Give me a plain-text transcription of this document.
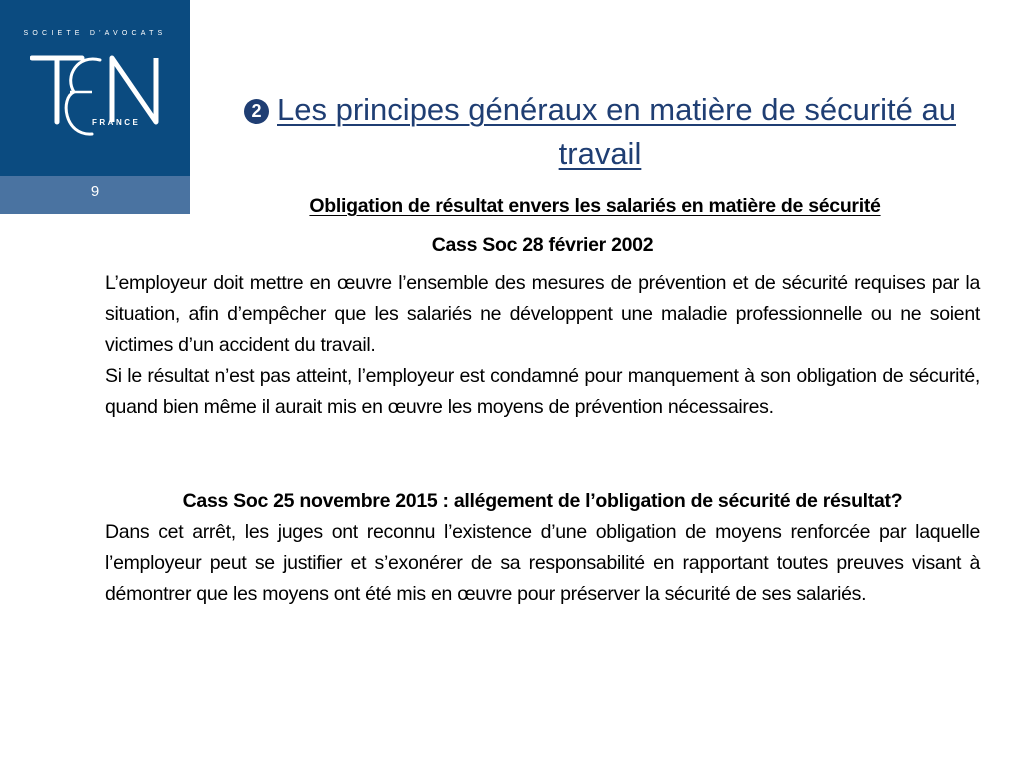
SOCIETE D'AVOCATS
FRANCE
9
2 Les principes généraux en matière de sécurité au travail
Obligation de résultat envers les salariés en matière de sécurité
Cass Soc 28 février 2002
L’employeur doit mettre en œuvre l’ensemble des mesures de prévention et de sécurité requises par la situation, afin d’empêcher que les salariés ne développent une maladie professionnelle ou ne soient victimes d’un accident du travail.
Si le résultat n’est pas atteint, l’employeur est condamné pour manquement à son obligation de sécurité, quand bien même il aurait mis en œuvre les moyens de prévention nécessaires.
Cass Soc 25 novembre 2015 : allégement de l’obligation de sécurité de résultat?
Dans cet arrêt, les juges ont reconnu l’existence d’une obligation de moyens renforcée par laquelle l’employeur peut se justifier et s’exonérer de sa responsabilité en rapportant toutes preuves visant à démontrer que les moyens ont été mis en œuvre pour préserver la sécurité de ses salariés.
